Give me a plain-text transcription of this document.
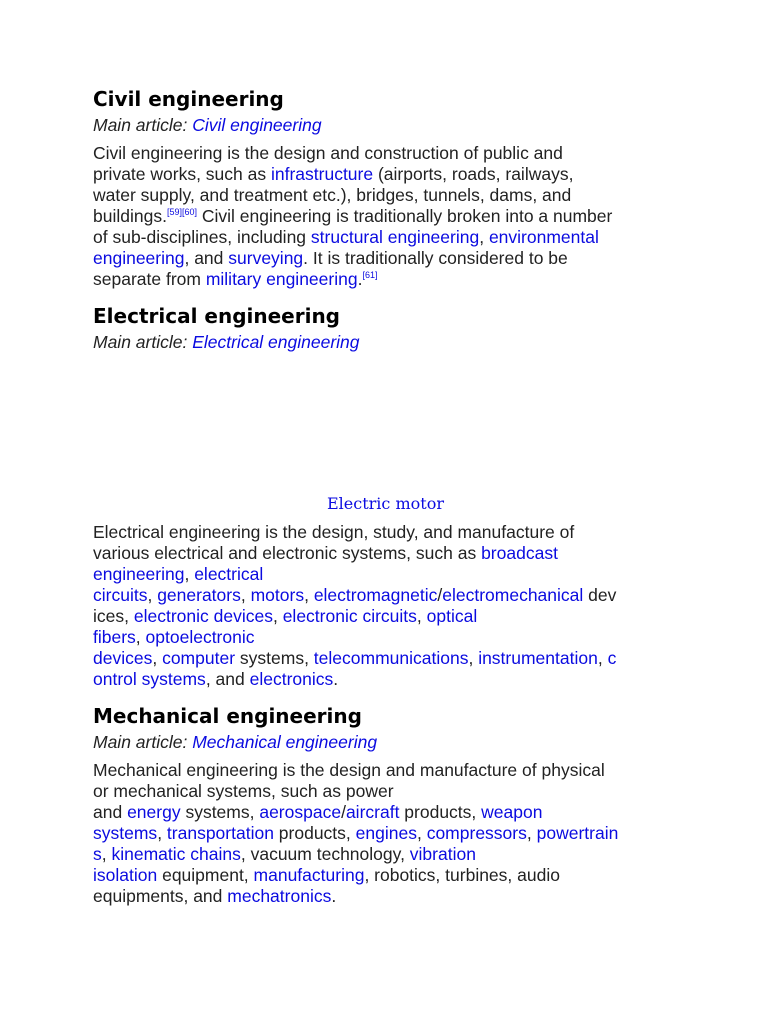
Civil engineering

Main article: Civil engineering

Civil engineering is the design and construction of public and
private works, such as infrastructure (airports, roads, railways,
water supply, and treatment etc.), bridges, tunnels, dams, and
buildings.[59][60] Civil engineering is traditionally broken into a number
of sub-disciplines, including structural engineering, environmental
engineering, and surveying. It is traditionally considered to be
separate from military engineering.[61]
Electrical engineering

Main article: Electrical engineering

Electric motor
Electrical engineering is the design, study, and manufacture of
various electrical and electronic systems, such as broadcast
engineering, electrical
circuits, generators, motors, electromagnetic/electromechanical dev
ices, electronic devices, electronic circuits, optical
fibers, optoelectronic
devices, computer systems, telecommunications, instrumentation, c
ontrol systems, and electronics.
Mechanical engineering

Main article: Mechanical engineering

Mechanical engineering is the design and manufacture of physical
or mechanical systems, such as power
and energy systems, aerospace/aircraft products, weapon
systems, transportation products, engines, compressors, powertrain
s, kinematic chains, vacuum technology, vibration
isolation equipment, manufacturing, robotics, turbines, audio
equipments, and mechatronics.
